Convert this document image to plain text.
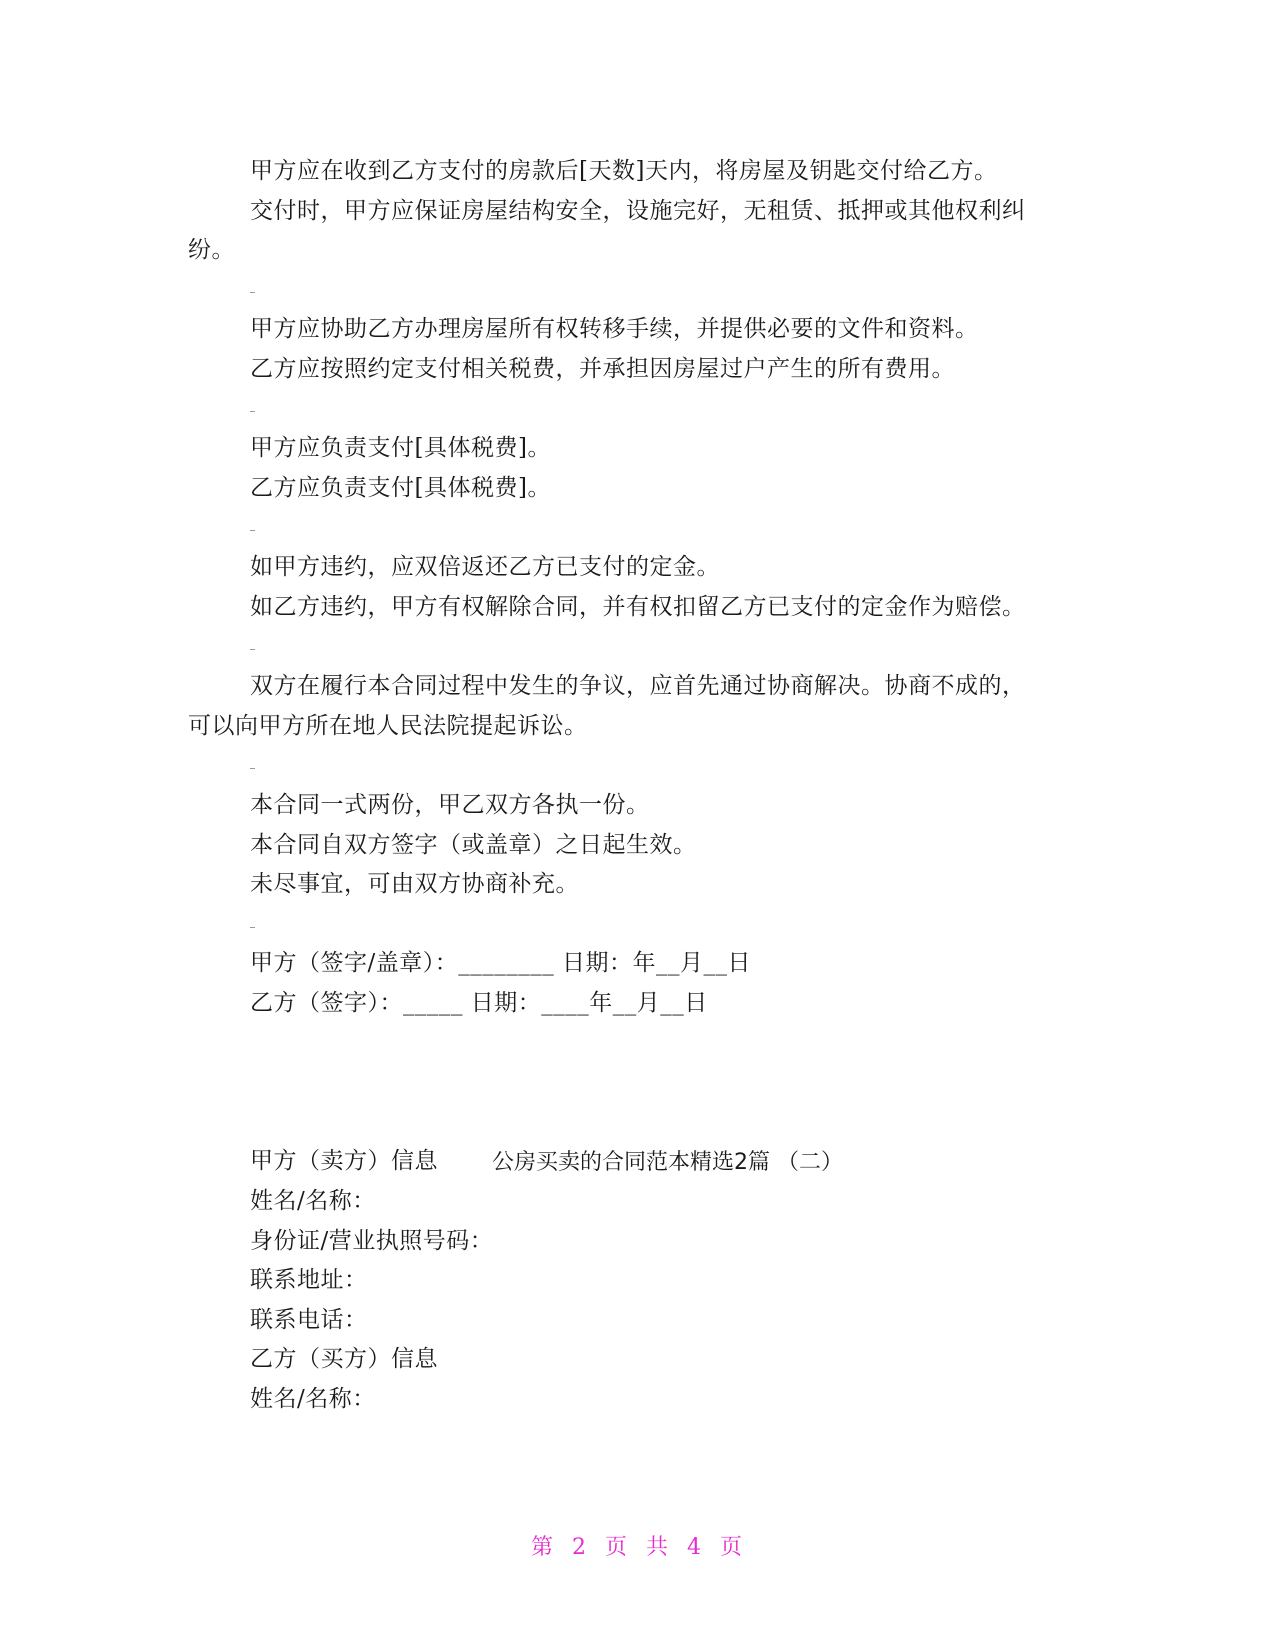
甲方应在收到乙方支付的房款后[天数]天内，将房屋及钥匙交付给乙方。
交付时，甲方应保证房屋结构安全，设施完好，无租赁、抵押或其他权利纠
纷。
甲方应协助乙方办理房屋所有权转移手续，并提供必要的文件和资料。
乙方应按照约定支付相关税费，并承担因房屋过户产生的所有费用。
甲方应负责支付[具体税费]。
乙方应负责支付[具体税费]。
如甲方违约，应双倍返还乙方已支付的定金。
如乙方违约，甲方有权解除合同，并有权扣留乙方已支付的定金作为赔偿。
双方在履行本合同过程中发生的争议，应首先通过协商解决。协商不成的，
可以向甲方所在地人民法院提起诉讼。
本合同一式两份，甲乙双方各执一份。
本合同自双方签字（或盖章）之日起生效。
未尽事宜，可由双方协商补充。
甲方（签字/盖章）：________ 日期：年__月__日
乙方（签字）：_____ 日期：____年__月__日
公房买卖的合同范本精选2篇 （二）
甲方（卖方）信息
姓名/名称：
身份证/营业执照号码：
联系地址：
联系电话：
乙方（买方）信息
姓名/名称：
第 2 页 共 4 页
